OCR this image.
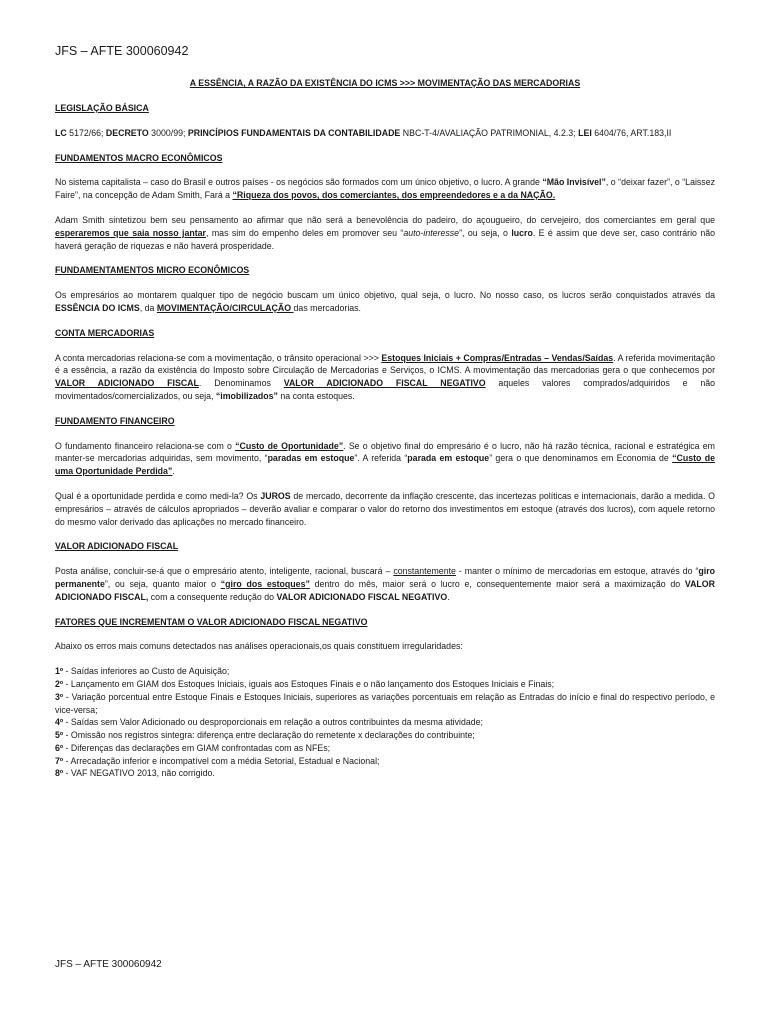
JFS – AFTE 300060942
A ESSÊNCIA, A RAZÃO DA EXISTÊNCIA DO ICMS >>> MOVIMENTAÇÃO DAS MERCADORIAS
LEGISLAÇÃO BÁSICA

LC 5172/66; DECRETO 3000/99; PRINCÍPIOS FUNDAMENTAIS DA CONTABILIDADE NBC-T-4/AVALIAÇÃO PATRIMONIAL, 4.2.3; LEI 6404/76, ART.183,II

FUNDAMENTOS MACRO ECONÔMICOS

No sistema capitalista – caso do Brasil e outros países - os negócios são formados com um único objetivo, o lucro. A grande “Mão Invisível”, o “deixar fazer”, o “Laissez Faire”, na concepção de Adam Smith, Fará a “Riqueza dos povos, dos comerciantes, dos empreendedores e a da NAÇÃO.

Adam Smith sintetizou bem seu pensamento ao afirmar que não será a benevolência do padeiro, do açougueiro, do cervejeiro, dos comerciantes em geral que esperaremos que saia nosso jantar, mas sim do empenho deles em promover seu “auto-interesse”, ou seja, o lucro. E é assim que deve ser, caso contrário não haverá geração de riquezas e não haverá prosperidade.

FUNDAMENTAMENTOS MICRO ECONÔMICOS

Os empresários ao montarem qualquer tipo de negócio buscam um único objetivo, qual seja, o lucro. No nosso caso, os lucros serão conquistados através da ESSÊNCIA DO ICMS, da MOVIMENTAÇÃO/CIRCULAÇÃO das mercadorias.

CONTA MERCADORIAS

A conta mercadorias relaciona-se com a movimentação, o trânsito operacional >>> Estoques Iniciais + Compras/Entradas – Vendas/Saídas. A referida movimentação é a essência, a razão da existência do Imposto sobre Circulação de Mercadorias e Serviços, o ICMS. A movimentação das mercadorias gera o que conhecemos por VALOR ADICIONADO FISCAL. Denominamos VALOR ADICIONADO FISCAL NEGATIVO aqueles valores comprados/adquiridos e não movimentados/comercializados, ou seja, “imobilizados” na conta estoques.

FUNDAMENTO FINANCEIRO

O fundamento financeiro relaciona-se com o “Custo de Oportunidade”. Se o objetivo final do empresário é o lucro, não há razão técnica, racional e estratégica em manter-se mercadorias adquiridas, sem movimento, “paradas em estoque”. A referida “parada em estoque” gera o que denominamos em Economia de “Custo de uma Oportunidade Perdida”.

Qual é a oportunidade perdida e como medi-la? Os JUROS de mercado, decorrente da inflação crescente, das incertezas políticas e internacionais, darão a medida. O empresários – através de cálculos apropriados – deverão avaliar e comparar o valor do retorno dos investimentos em estoque (através dos lucros), com aquele retorno do mesmo valor derivado das aplicações no mercado financeiro.

VALOR ADICIONADO FISCAL

Posta análise, concluir-se-á que o empresário atento, inteligente, racional, buscará – constantemente - manter o mínimo de mercadorias em estoque, através do “giro permanente”, ou seja, quanto maior o “giro dos estoques” dentro do mês, maior será o lucro e, consequentemente maior será a maximização do VALOR ADICIONADO FISCAL, com a consequente redução do VALOR ADICIONADO FISCAL NEGATIVO.

FATORES QUE INCREMENTAM O VALOR ADICIONADO FISCAL NEGATIVO

Abaixo os erros mais comuns detectados nas análises operacionais,os quais constituem irregularidades:

1º - Saídas inferiores ao Custo de Aquisição;
2º - Lançamento em GIAM dos Estoques Iniciais, iguais aos Estoques Finais e o não lançamento dos Estoques Iniciais e Finais;
3º - Variação porcentual entre Estoque Finais e Estoques Iniciais, superiores as variações porcentuais em relação as Entradas do início e final do respectivo período, e vice-versa;
4º - Saídas sem Valor Adicionado ou desproporcionais em relação a outros contribuintes da mesma atividade;
5º - Omissão nos registros sintegra: diferença entre declaração do remetente x declarações do contribuinte;
6º - Diferenças das declarações em GIAM confrontadas com as NFEs;
7º - Arrecadação inferior e incompatível com a média Setorial, Estadual e Nacional;
8º - VAF NEGATIVO 2013, não corrigido.
JFS – AFTE 300060942
